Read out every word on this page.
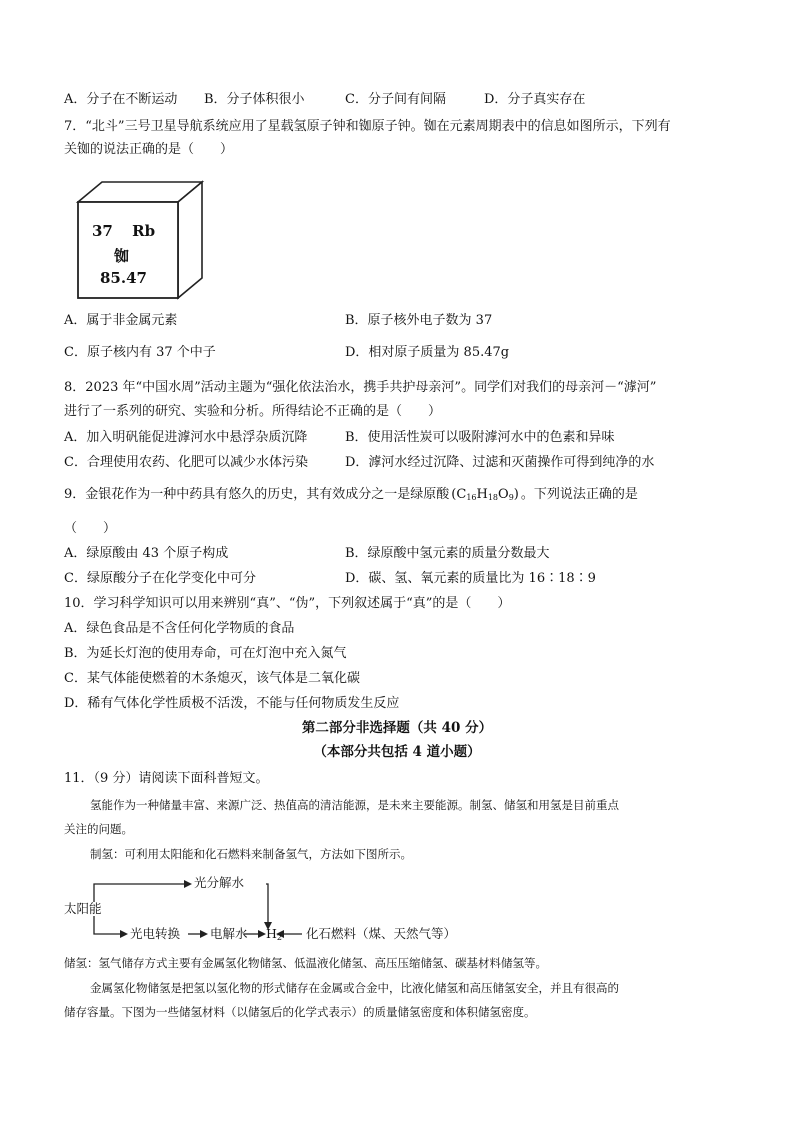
A．分子在不断运动 B．分子体积很小	C．分子间有间隔	D．分子真实存在
7．“北斗”三号卫星导航系统应用了星载氢原子钟和铷原子钟。铷在元素周期表中的信息如图所示，下列有
关铷的说法正确的是（　　）
37 Rb
铷
85.47
A．属于非金属元素	B．原子核外电子数为 37
C．原子核内有 37 个中子	D．相对原子质量为 85.47g
8．2023 年“中国水周”活动主题为“强化依法治水，携手共护母亲河”。同学们对我们的母亲河－“滹河”
进行了一系列的研究、实验和分析。所得结论不正确的是（　　）
A．加入明矾能促进滹河水中悬浮杂质沉降	B．使用活性炭可以吸附滹河水中的色素和异味
C．合理使用农药、化肥可以减少水体污染	D．滹河水经过沉降、过滤和灭菌操作可得到纯净的水
9．金银花作为一种中药具有悠久的历史，其有效成分之一是绿原酸 $(C_{16}H_{18}O_9)$ 。下列说法正确的是
（　　）
A．绿原酸由 43 个原子构成	B．绿原酸中氢元素的质量分数最大
C．绿原酸分子在化学变化中可分	D．碳、氢、氧元素的质量比为 16∶18∶9
10．学习科学知识可以用来辨别“真”、“伪”，下列叙述属于“真”的是（　　）
A．绿色食品是不含任何化学物质的食品
B．为延长灯泡的使用寿命，可在灯泡中充入氮气
C．某气体能使燃着的木条熄灭，该气体是二氧化碳
D．稀有气体化学性质极不活泼，不能与任何物质发生反应
第二部分非选择题（共 40 分）
（本部分共包括 4 道小题）
11．（9 分）请阅读下面科普短文。
氢能作为一种储量丰富、来源广泛、热值高的清洁能源，是未来主要能源。制氢、储氢和用氢是目前重点
关注的问题。
制氢：可利用太阳能和化石燃料来制备氢气，方法如下图所示。
太阳能
光分解水
光电转换 电解水 $H_2$ 化石燃料（煤、天然气等）
储氢：氢气储存方式主要有金属氢化物储氢、低温液化储氢、高压压缩储氢、碳基材料储氢等。
金属氢化物储氢是把氢以氢化物的形式储存在金属或合金中，比液化储氢和高压储氢安全，并且有很高的
储存容量。下图为一些储氢材料（以储氢后的化学式表示）的质量储氢密度和体积储氢密度。
